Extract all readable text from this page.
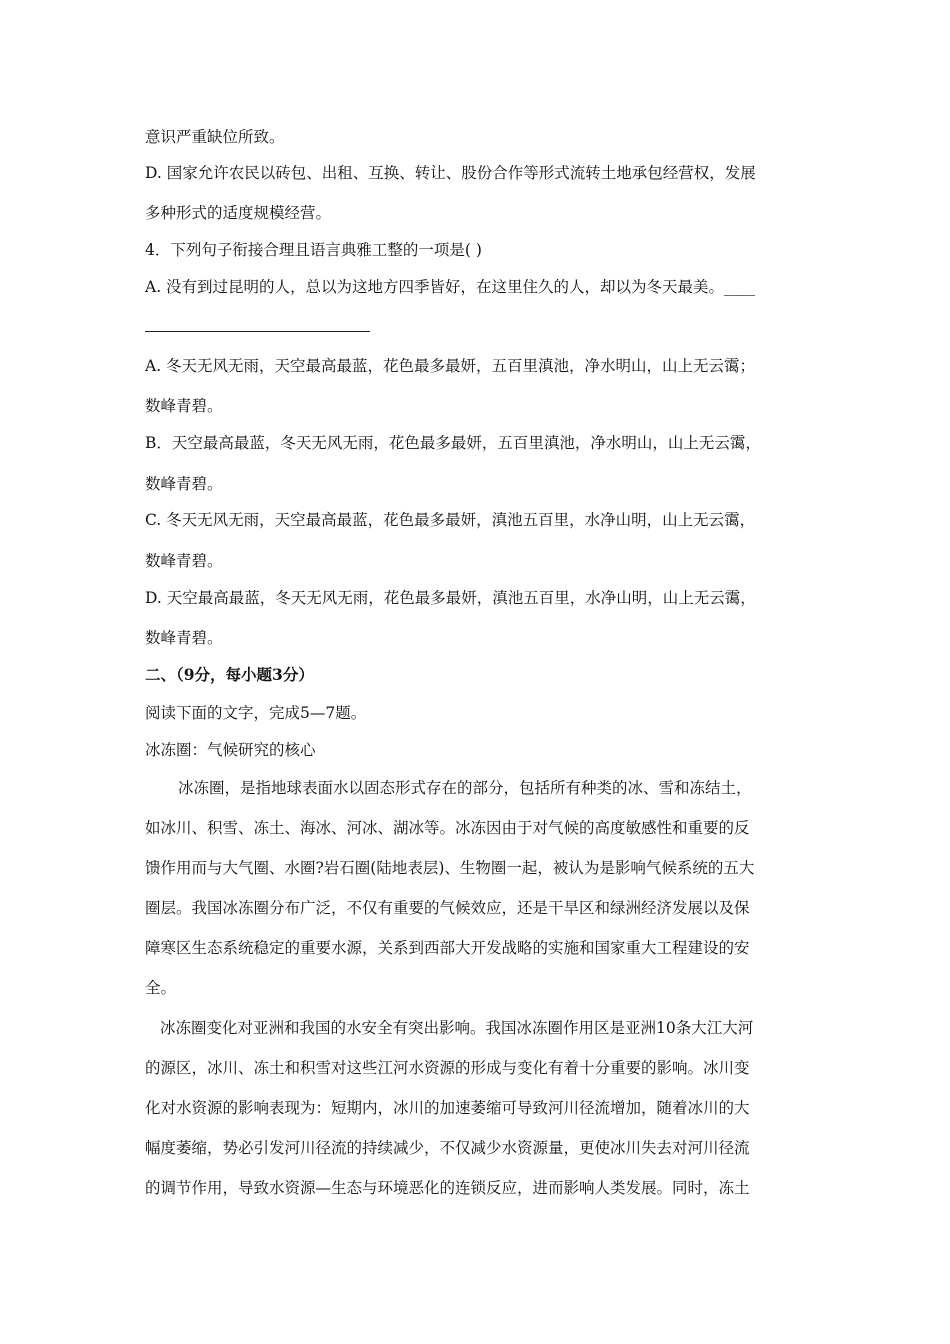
意识严重缺位所致。
D. 国家允许农民以砖包、出租、互换、转让、股份合作等形式流转土地承包经营权，发展
多种形式的适度规模经营。
4．下列句子衔接合理且语言典雅工整的一项是( )
A. 没有到过昆明的人，总以为这地方四季皆好，在这里住久的人，却以为冬天最美。____
A. 冬天无风无雨，天空最高最蓝，花色最多最妍，五百里滇池，净水明山，山上无云霭；
数峰青碧。
B．天空最高最蓝，冬天无风无雨，花色最多最妍，五百里滇池，净水明山，山上无云霭，
数峰青碧。
C. 冬天无风无雨，天空最高最蓝，花色最多最妍，滇池五百里，水净山明，山上无云霭，
数峰青碧。
D. 天空最高最蓝，冬天无风无雨，花色最多最妍，滇池五百里，水净山明，山上无云霭，
数峰青碧。
二、（9分，每小题3分）
阅读下面的文字，完成5—7题。
冰冻圈：气候研究的核心
冰冻圈，是指地球表面水以固态形式存在的部分，包括所有种类的冰、雪和冻结土，
如冰川、积雪、冻土、海冰、河冰、湖冰等。冰冻因由于对气候的高度敏感性和重要的反
馈作用而与大气圈、水圈?岩石圈(陆地表层)、生物圈一起，被认为是影响气候系统的五大
圈层。我国冰冻圈分布广泛，不仅有重要的气候效应，还是干旱区和绿洲经济发展以及保
障寒区生态系统稳定的重要水源，关系到西部大开发战略的实施和国家重大工程建设的安
全。
冰冻圈变化对亚洲和我国的水安全有突出影响。我国冰冻圈作用区是亚洲10条大江大河
的源区，冰川、冻土和积雪对这些江河水资源的形成与变化有着十分重要的影响。冰川变
化对水资源的影响表现为：短期内，冰川的加速萎缩可导致河川径流增加，随着冰川的大
幅度萎缩，势必引发河川径流的持续减少，不仅减少水资源量，更使冰川失去对河川径流
的调节作用，导致水资源—生态与环境恶化的连锁反应，进而影响人类发展。同时，冻土
